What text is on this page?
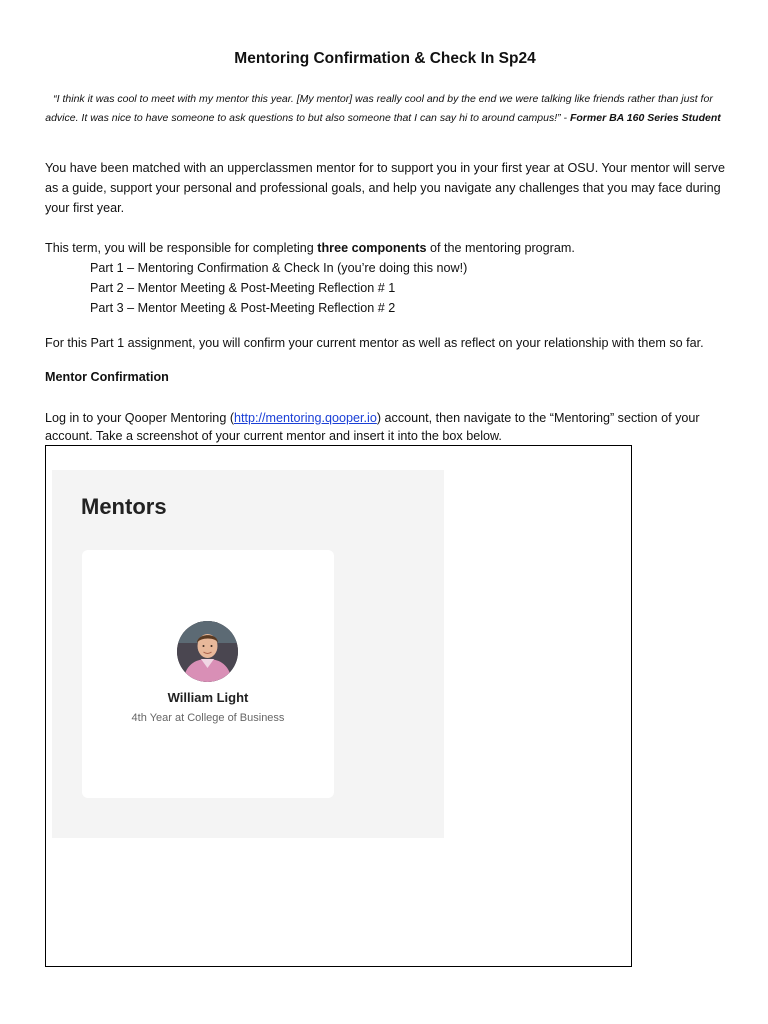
Mentoring Confirmation & Check In Sp24

“I think it was cool to meet with my mentor this year. [My mentor] was really cool and by the end we were talking like friends rather than just for advice. It was nice to have someone to ask questions to but also someone that I can say hi to around campus!” - Former BA 160 Series Student

You have been matched with an upperclassmen mentor for to support you in your first year at OSU. Your mentor will serve as a guide, support your personal and professional goals, and help you navigate any challenges that you may face during your first year.

This term, you will be responsible for completing three components of the mentoring program.

Part 1 – Mentoring Confirmation & Check In (you’re doing this now!)
Part 2 – Mentor Meeting & Post-Meeting Reflection # 1
Part 3 – Mentor Meeting & Post-Meeting Reflection # 2

For this Part 1 assignment, you will confirm your current mentor as well as reflect on your relationship with them so far.

Mentor Confirmation

Log in to your Qooper Mentoring (http://mentoring.qooper.io) account, then navigate to the “Mentoring” section of your account. Take a screenshot of your current mentor and insert it into the box below.

Mentors

William Light

4th Year at College of Business
